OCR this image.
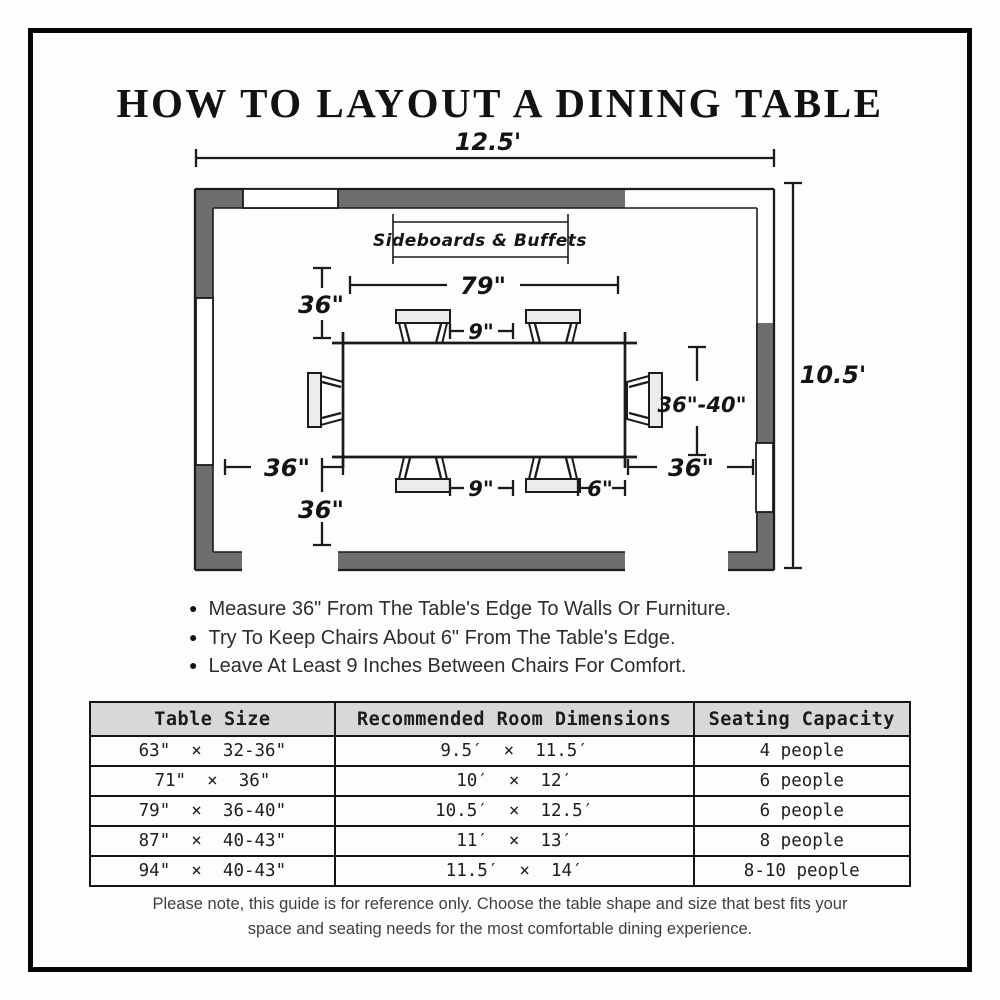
HOW TO LAYOUT A DINING TABLE
12.5'
10.5'
Sideboards & Buffets
79"
36"
9"
36"-40"
36"	36"
9"	6"
36"
● Measure 36" From The Table's Edge To Walls Or Furniture.
● Try To Keep Chairs About 6" From The Table's Edge.
● Leave At Least 9 Inches Between Chairs For Comfort.
Table Size	Recommended Room Dimensions	Seating Capacity
63"  ×  32-36"	9.5′  ×  11.5′	4 people
71"  ×  36"	10′  ×  12′	6 people
79"  ×  36-40"	10.5′  ×  12.5′	6 people
87"  ×  40-43"	11′  ×  13′	8 people
94"  ×  40-43"	11.5′  ×  14′	8-10 people
Please note, this guide is for reference only. Choose the table shape and size that best fits your
space and seating needs for the most comfortable dining experience.
